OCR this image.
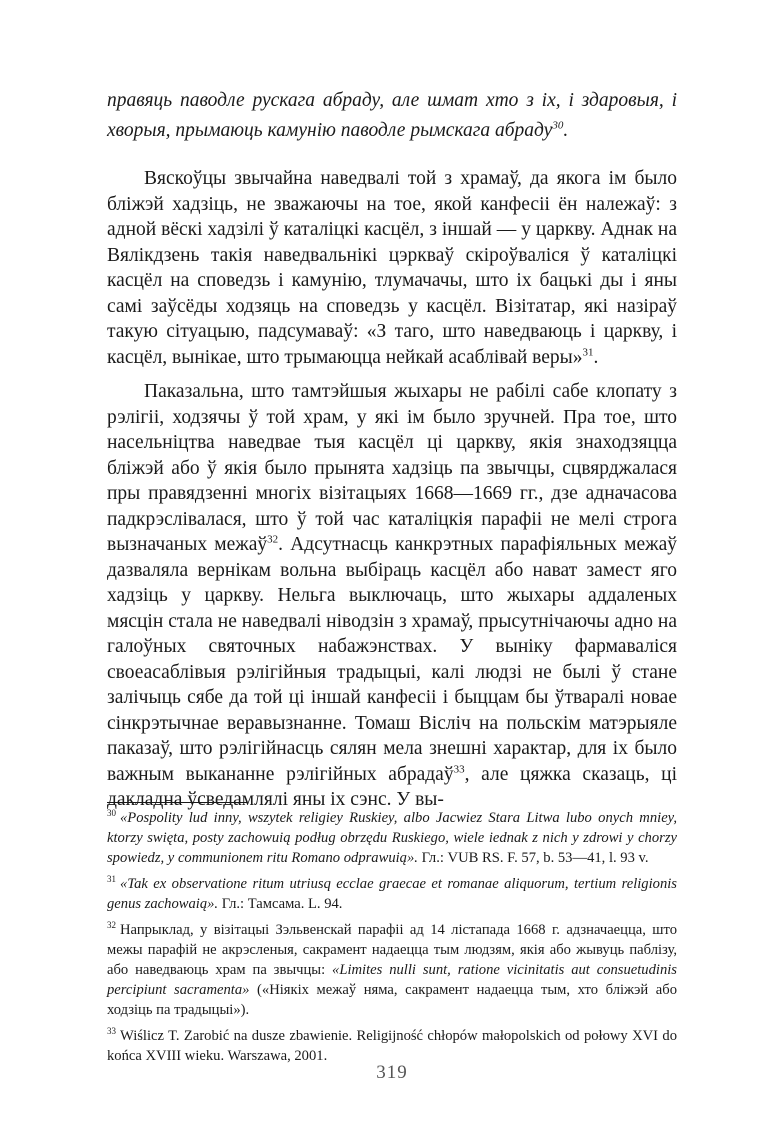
правяць паводле рускага абраду, але шмат хто з іх, і здаровыя, і хворыя, прымаюць камунію паводле рымскага абраду$^{30}$.

Вяскоўцы звычайна наведвалі той з храмаў, да якога ім было бліжэй хадзіць, не зважаючы на тое, якой канфесіі ён належаў: з адной вёскі хадзілі ў каталіцкі касцёл, з іншай — у царкву. Аднак на Вялікдзень такія наведвальнікі цэркваў скіроўваліся ў каталіцкі касцёл на споведзь і камунію, тлумачачы, што іх бацькі ды і яны самі заўсёды ходзяць на споведзь у касцёл. Візітатар, які назіраў такую сітуацыю, падсумаваў: «З таго, што наведваюць і царкву, і касцёл, вынікае, што трымаюцца нейкай асаблівай веры»$^{31}$.

Паказальна, што тамтэйшыя жыхары не рабілі сабе клопату з рэлігіі, ходзячы ў той храм, у які ім было зручней. Пра тое, што насельніцтва наведвае тыя касцёл ці царкву, якія знаходзяцца бліжэй або ў якія было прынята хадзіць па звычцы, сцвярджалася пры правядзенні многіх візітацыях 1668—1669 гг., дзе адначасова падкрэслівалася, што ў той час каталіцкія парафіі не мелі строга вызначаных межаў$^{32}$. Адсутнасць канкрэтных парафіяльных межаў дазваляла вернікам вольна выбіраць касцёл або нават замест яго хадзіць у царкву. Нельга выключаць, што жыхары аддаленых мясцін стала не наведвалі ніводзін з храмаў, прысутнічаючы адно на галоўных святочных набажэнствах. У выніку фармаваліся своеасаблівыя рэлігійныя традыцыі, калі людзі не былі ў стане залічыць сябе да той ці іншай канфесіі і быццам бы ўтваралі новае сінкрэтычнае веравызнанне. Томаш Вісліч на польскім матэрыяле паказаў, што рэлігійнасць сялян мела знешні характар, для іх было важным выкананне рэлігійных абрадаў$^{33}$, але цяжка сказаць, ці дакладна ўсведамлялі яны іх сэнс. У вы-

$^{30}$ «Pospolity lud inny, wszytek religiey Ruskiey, albo Jacwiez Stara Litwa lubo onych mniey, ktorzy swięta, posty zachowuią podług obrzędu Ruskiego, wiele iednak z nich y zdrowi y chorzy spowiedz, y communionem ritu Romano odprawuią». Гл.: VUB RS. F. 57, b. 53—41, l. 93 v.
$^{31}$ «Tak ex observatione ritum utriusq ecclae graecae et romanae aliquorum, tertium religionis genus zachowaią». Гл.: Тамсама. L. 94.
$^{32}$ Напрыклад, у візітацыі Зэльвенскай парафіі ад 14 лістапада 1668 г. адзначаецца, што межы парафій не акрэсленыя, сакрамент надаецца тым людзям, якія або жывуць паблізу, або наведваюць храм па звычцы: «Limites nulli sunt, ratione vicinitatis aut consuetudinis percipiunt sacramenta» («Ніякіх межаў няма, сакрамент надаецца тым, хто бліжэй або ходзіць па традыцыі»).
$^{33}$ Wiślicz T. Zarobić na dusze zbawienie. Religijność chłopów małopolskich od połowy XVI do końca XVIII wieku. Warszawa, 2001.
319
